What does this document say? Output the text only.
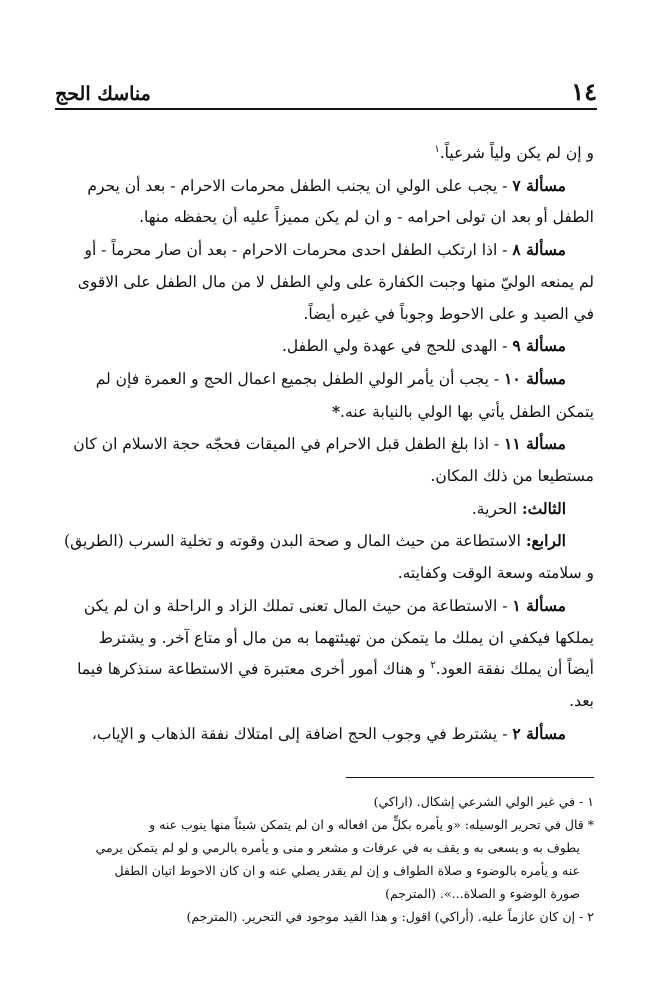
١٤
مناسك الحج

و إن لم يكن ولياً شرعياً.$^١$

مسألة ٧ - يجب على الولي ان يجنب الطفل محرمات الاحرام - بعد أن يحرم

الطفل أو بعد ان تولى احرامه - و ان لم يكن مميزاً عليه أن يحفظه منها.

مسألة ٨ - اذا ارتكب الطفل احدى محرمات الاحرام - بعد أن صار محرماً - أو

لم يمنعه الوليّ منها وجبت الكفارة على ولي الطفل لا من مال الطفل على الاقوى

في الصيد و على الاحوط وجوباً في غيره أيضاً.

مسألة ٩ - الهدى للحج في عهدة ولي الطفل.

مسألة ١٠ - يجب أن يأمر الولي الطفل بجميع اعمال الحج و العمرة فإن لم

يتمكن الطفل يأتي بها الولي بالنيابة عنه.*

مسألة ١١ - اذا بلغ الطفل قبل الاحرام في الميقات فحجّه حجة الاسلام ان كان

مستطيعا من ذلك المكان.

الثالث: الحرية.

الرابع: الاستطاعة من حيث المال و صحة البدن وقوته و تخلية السرب (الطريق)

و سلامته وسعة الوقت وكفايته.

مسألة ١ - الاستطاعة من حيث المال تعنى تملك الزاد و الراحلة و ان لم يكن

يملكها فيكفي ان يملك ما يتمكن من تهيئتهما به من مال أو متاع آخر. و يشترط

أيضاً أن يملك نفقة العود.$^٢$ و هناك أمور أخرى معتبرة في الاستطاعة سنذكرها فيما

بعد.

مسألة ٢ - يشترط في وجوب الحج اضافة إلى امتلاك نفقة الذهاب و الإياب،

١ - في غير الولي الشرعي إشكال. (اراكي)

* قال في تحرير الوسيله: «و يأمره بكلٍّ من افعاله و ان لم يتمكن شيئاً منها ينوب عنه و

يطوف به و يسعى به و يقف به في عرفات و مشعر و منى و يأمره بالرمي و لو لم يتمكن يرمي

عنه و يأمره بالوضوء و صلاة الطواف و إن لم يقدر يصلي عنه و ان كان الاحوط اتيان الطفل

صورة الوضوء و الصلاة...». (المترجم)

٢ - إن كان عازماً عليه. (أراكي) اقول: و هذا القيد موجود في التحرير. (المترجم)
